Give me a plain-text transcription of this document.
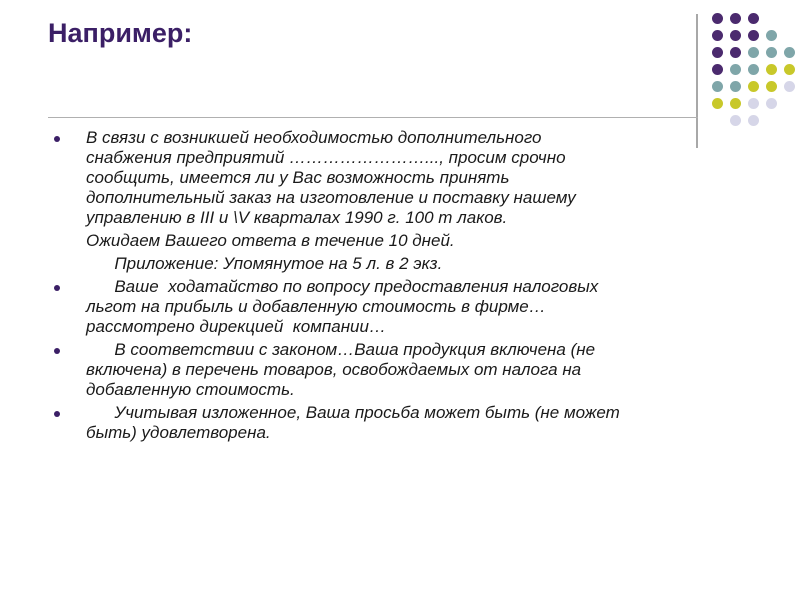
Например:

В связи с возникшей необходимостью дополнительного
снабжения предприятий ……………………..., просим срочно
сообщить, имеется ли у Вас возможность принять
дополнительный заказ на изготовление и поставку нашему
управлению в III и \V кварталах 1990 г. 100 т лаков.

Ожидаем Вашего ответа в течение 10 дней.

Приложение: Упомянутое на 5 л. в 2 экз.

Ваше  ходатайство по вопросу предоставления налоговых
льгот на прибыль и добавленную стоимость в фирме…
рассмотрено дирекцией  компании…

В соответствии с законом…Ваша продукция включена (не
включена) в перечень товаров, освобождаемых от налога на
добавленную стоимость.

Учитывая изложенное, Ваша просьба может быть (не может
быть) удовлетворена.
